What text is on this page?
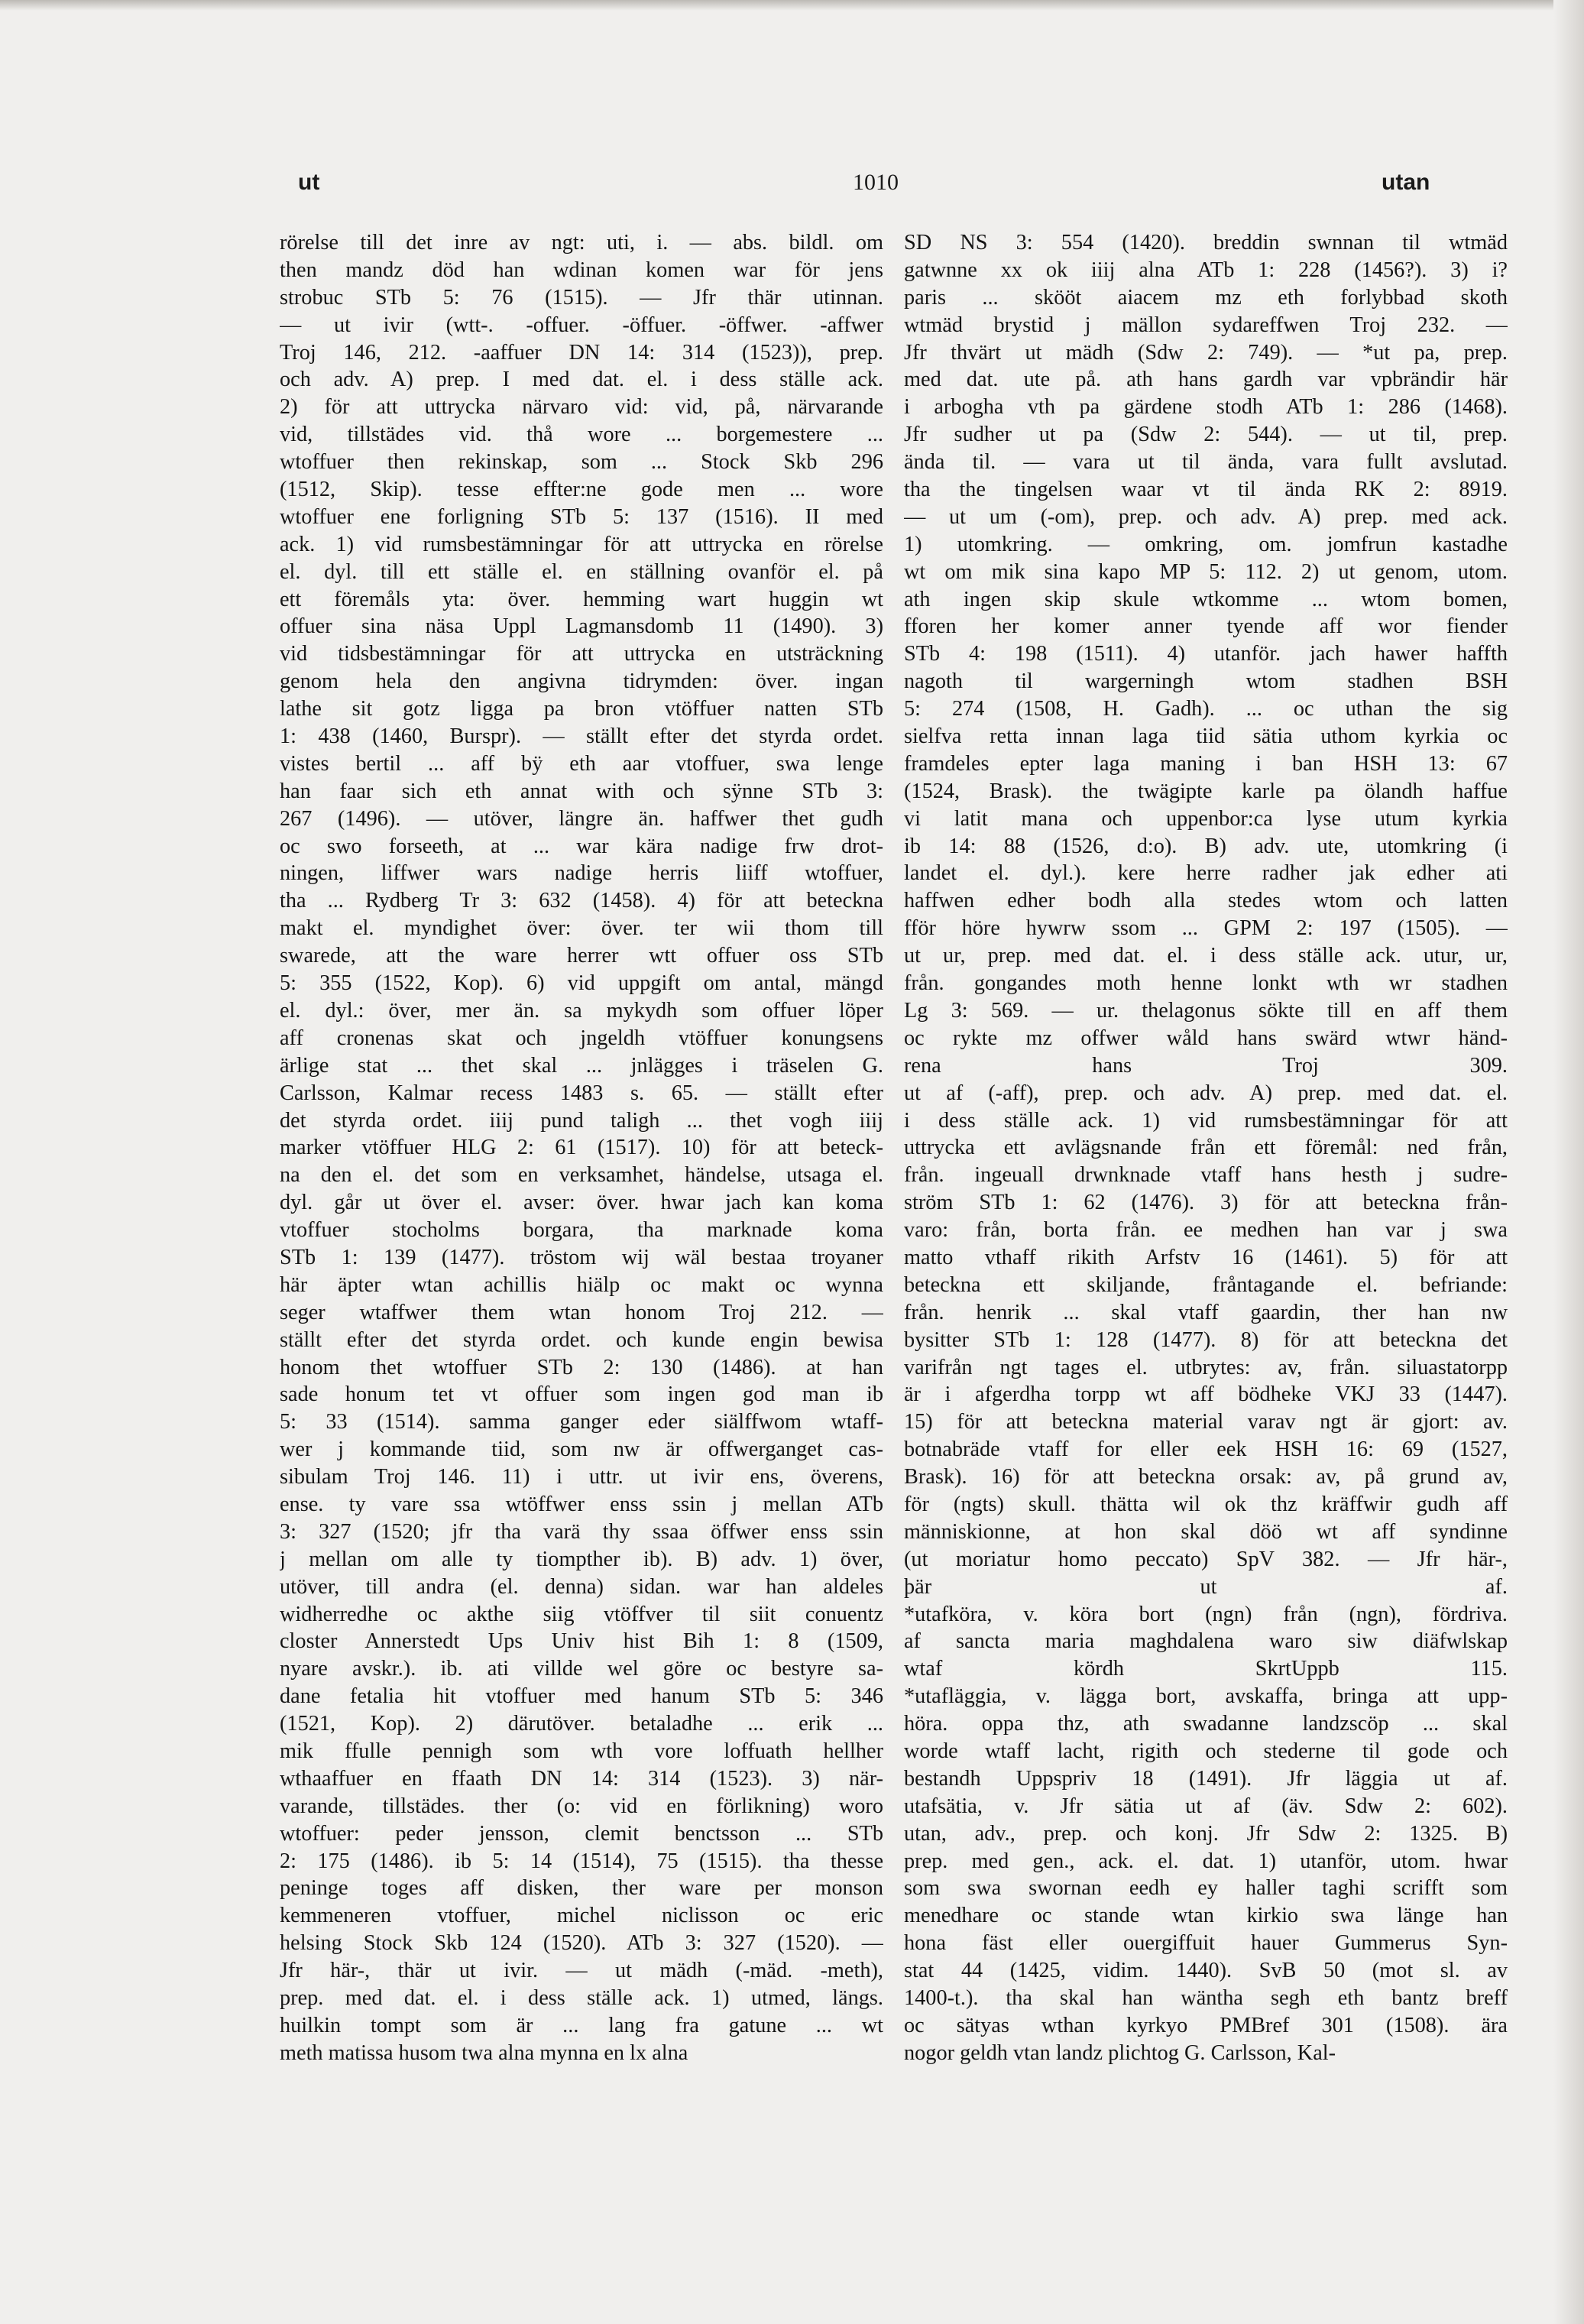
ut	1010	utan
rörelse till det inre av ngt: uti, i. — abs. bildl. om
then mandz död han wdinan komen war för jens
strobuc STb 5: 76 (1515). — Jfr thär utinnan.
— ut ivir (wtt-. -offuer. -öffuer. -öffwer. -affwer
Troj 146, 212. -aaffuer DN 14: 314 (1523)), prep.
och adv. A) prep. I med dat. el. i dess ställe ack.
2) för att uttrycka närvaro vid: vid, på, närvarande
vid, tillstädes vid. thå wore ... borgemestere ...
wtoffuer then rekinskap, som ... Stock Skb 296
(1512, Skip). tesse effter:ne gode men ... wore
wtoffuer ene forligning STb 5: 137 (1516). II med
ack. 1) vid rumsbestämningar för att uttrycka en rörelse
el. dyl. till ett ställe el. en ställning ovanför el. på
ett föremåls yta: över. hemming wart huggin wt
offuer sina näsa Uppl Lagmansdomb 11 (1490). 3)
vid tidsbestämningar för att uttrycka en utsträckning
genom hela den angivna tidrymden: över. ingan
lathe sit gotz ligga pa bron vtöffuer natten STb
1: 438 (1460, Burspr). — ställt efter det styrda ordet.
vistes bertil ... aff bÿ eth aar vtoffuer, swa lenge
han faar sich eth annat with och sÿnne STb 3:
267 (1496). — utöver, längre än. haffwer thet gudh
oc swo forseeth, at ... war kära nadige frw drot-
ningen, liffwer wars nadige herris liiff wtoffuer,
tha ... Rydberg Tr 3: 632 (1458). 4) för att beteckna
makt el. myndighet över: över. ter wii thom till
swarede, att the ware herrer wtt offuer oss STb
5: 355 (1522, Kop). 6) vid uppgift om antal, mängd
el. dyl.: över, mer än. sa mykydh som offuer löper
aff cronenas skat och jngeldh vtöffuer konungsens
ärlige stat ... thet skal ... jnlägges i träselen G.
Carlsson, Kalmar recess 1483 s. 65. — ställt efter
det styrda ordet. iiij pund taligh ... thet vogh iiij
marker vtöffuer HLG 2: 61 (1517). 10) för att beteck-
na den el. det som en verksamhet, händelse, utsaga el.
dyl. går ut över el. avser: över. hwar jach kan koma
vtoffuer stocholms borgara, tha marknade koma
STb 1: 139 (1477). tröstom wij wäl bestaa troyaner
här äpter wtan achillis hiälp oc makt oc wynna
seger wtaffwer them wtan honom Troj 212. —
ställt efter det styrda ordet. och kunde engin bewisa
honom thet wtoffuer STb 2: 130 (1486). at han
sade honum tet vt offuer som ingen god man ib
5: 33 (1514). samma ganger eder siälffwom wtaff-
wer j kommande tiid, som nw är offwerganget cas-
sibulam Troj 146. 11) i uttr. ut ivir ens, överens,
ense. ty vare ssa wtöffwer enss ssin j mellan ATb
3: 327 (1520; jfr tha varä thy ssaa öffwer enss ssin
j mellan om alle ty tiompther ib). B) adv. 1) över,
utöver, till andra (el. denna) sidan. war han aldeles
widherredhe oc akthe siig vtöffver til siit conuentz
closter Annerstedt Ups Univ hist Bih 1: 8 (1509,
nyare avskr.). ib. ati villde wel göre oc bestyre sa-
dane fetalia hit vtoffuer med hanum STb 5: 346
(1521, Kop). 2) därutöver. betaladhe ... erik ...
mik ffulle pennigh som wth vore loffuath hellher
wthaaffuer en ffaath DN 14: 314 (1523). 3) när-
varande, tillstädes. ther (o: vid en förlikning) woro
wtoffuer: peder jensson, clemit benctsson ... STb
2: 175 (1486). ib 5: 14 (1514), 75 (1515). tha thesse
peninge toges aff disken, ther ware per monson
kemmeneren vtoffuer, michel niclisson oc eric
helsing Stock Skb 124 (1520). ATb 3: 327 (1520). —
Jfr här-, thär ut ivir. — ut mädh (-mäd. -meth),
prep. med dat. el. i dess ställe ack. 1) utmed, längs.
huilkin tompt som är ... lang fra gatune ... wt
meth matissa husom twa alna mynna en lx alna
SD NS 3: 554 (1420). breddin swnnan til wtmäd
gatwnne xx ok iiij alna ATb 1: 228 (1456?). 3) i?
paris ... skööt aiacem mz eth forlybbad skoth
wtmäd brystid j mällon sydareffwen Troj 232. —
Jfr thvärt ut mädh (Sdw 2: 749). — *ut pa, prep.
med dat. ute på. ath hans gardh var vpbrändir här
i arbogha vth pa gärdene stodh ATb 1: 286 (1468).
Jfr sudher ut pa (Sdw 2: 544). — ut til, prep.
ända til. — vara ut til ända, vara fullt avslutad.
tha the tingelsen waar vt til ända RK 2: 8919.
— ut um (-om), prep. och adv. A) prep. med ack.
1) utomkring. — omkring, om. jomfrun kastadhe
wt om mik sina kapo MP 5: 112. 2) ut genom, utom.
ath ingen skip skule wtkomme ... wtom bomen,
fforen her komer anner tyende aff wor fiender
STb 4: 198 (1511). 4) utanför. jach hawer haffth
nagoth til wargerningh wtom stadhen BSH
5: 274 (1508, H. Gadh). ... oc uthan the sig
sielfva retta innan laga tiid sätia uthom kyrkia oc
framdeles epter laga maning i ban HSH 13: 67
(1524, Brask). the twägipte karle pa ölandh haffue
vi latit mana och uppenbor:ca lyse utum kyrkia
ib 14: 88 (1526, d:o). B) adv. ute, utomkring (i
landet el. dyl.). kere herre radher jak edher ati
haffwen edher bodh alla stedes wtom och latten
fför höre hywrw ssom ... GPM 2: 197 (1505). —
ut ur, prep. med dat. el. i dess ställe ack. utur, ur,
från. gongandes moth henne lonkt wth wr stadhen
Lg 3: 569. — ur. thelagonus sökte till en aff them
oc rykte mz offwer wåld hans swärd wtwr händ-
rena hans Troj 309.
ut af (-aff), prep. och adv. A) prep. med dat. el.
i dess ställe ack. 1) vid rumsbestämningar för att
uttrycka ett avlägsnande från ett föremål: ned från,
från. ingeuall drwnknade vtaff hans hesth j sudre-
ström STb 1: 62 (1476). 3) för att beteckna från-
varo: från, borta från. ee medhen han var j swa
matto vthaff rikith Arfstv 16 (1461). 5) för att
beteckna ett skiljande, fråntagande el. befriande:
från. henrik ... skal vtaff gaardin, ther han nw
bysitter STb 1: 128 (1477). 8) för att beteckna det
varifrån ngt tages el. utbrytes: av, från. siluastatorpp
är i afgerdha torpp wt aff bödheke VKJ 33 (1447).
15) för att beteckna material varav ngt är gjort: av.
botnabräde vtaff for eller eek HSH 16: 69 (1527,
Brask). 16) för att beteckna orsak: av, på grund av,
för (ngts) skull. thätta wil ok thz kräffwir gudh aff
människionne, at hon skal döö wt aff syndinne
(ut moriatur homo peccato) SpV 382. — Jfr här-,
þär ut af.
*utafköra, v. köra bort (ngn) från (ngn), fördriva.
af sancta maria maghdalena waro siw diäfwlskap
wtaf kördh SkrtUppb 115.
*utafläggia, v. lägga bort, avskaffa, bringa att upp-
höra. oppa thz, ath swadanne landzscöp ... skal
worde wtaff lacht, rigith och stederne til gode och
bestandh Uppspriv 18 (1491). Jfr läggia ut af.
utafsätia, v. Jfr sätia ut af (äv. Sdw 2: 602).
utan, adv., prep. och konj. Jfr Sdw 2: 1325. B)
prep. med gen., ack. el. dat. 1) utanför, utom. hwar
som swa swornan eedh ey haller taghi scrifft som
menedhare oc stande wtan kirkio swa länge han
hona fäst eller ouergiffuit hauer Gummerus Syn-
stat 44 (1425, vidim. 1440). SvB 50 (mot sl. av
1400-t.). tha skal han wäntha segh eth bantz breff
oc sätyas wthan kyrkyo PMBref 301 (1508). ära
nogor geldh vtan landz plichtog G. Carlsson, Kal-
